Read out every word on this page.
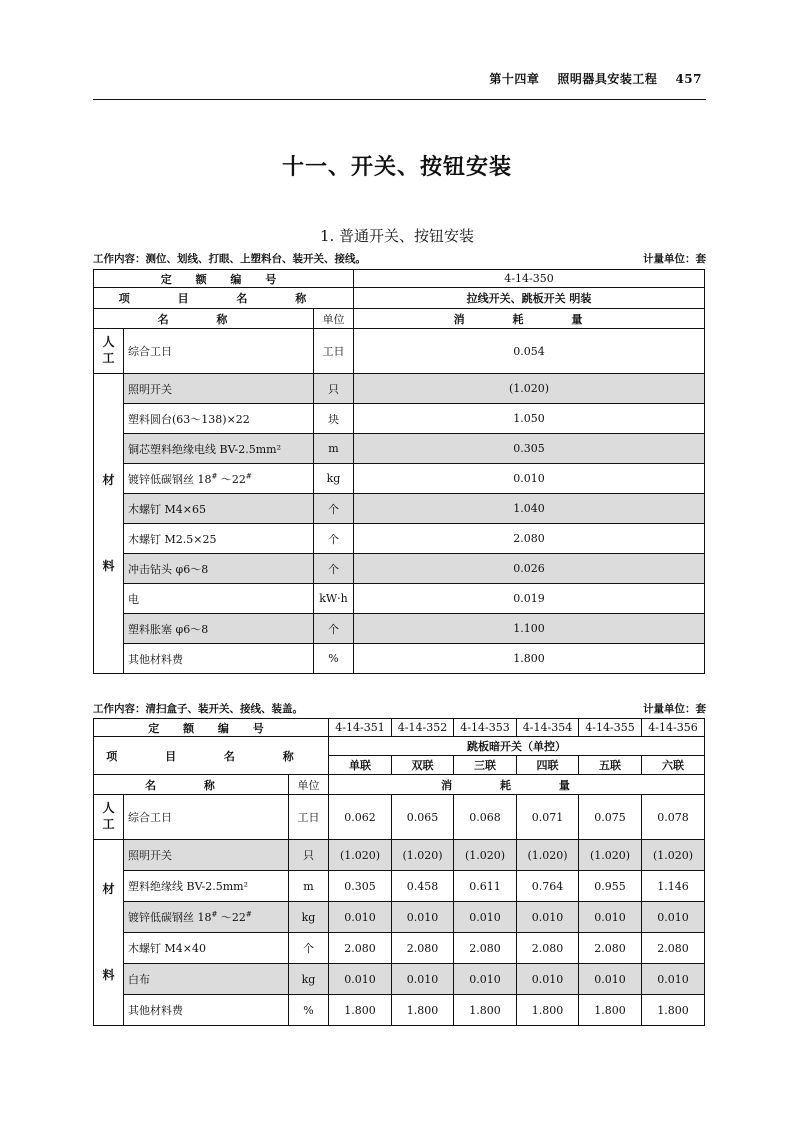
第十四章 照明器具安装工程 457
十一、开关、按钮安装
1. 普通开关、按钮安装
工作内容：测位、划线、打眼、上塑料台、装开关、接线。	计量单位：套
定 额 编 号			4-14-350
项 目 名 称			拉线开关、跳板开关 明装
名 称		单位	消 耗 量

人
工	综合工日	工日	0.054

材
料	照明开关	只	(1.020)
	塑料圆台(63～138)×22	块	1.050
	铜芯塑料绝缘电线 BV-2.5mm²	m	0.305
	镀锌低碳钢丝 18# ～22#	kg	0.010
	木螺钉 M4×65	个	1.040
	木螺钉 M2.5×25	个	2.080
	冲击钻头 φ6～8	个	0.026
	电	kW·h	0.019
	塑料胀塞 φ6～8	个	1.100
	其他材料费	%	1.800
工作内容：清扫盒子、装开关、接线、装盖。	计量单位：套
定 额 编 号			4-14-351	4-14-352	4-14-353	4-14-354	4-14-355	4-14-356
项 目 名 称			跳板暗开关（单控）					
			单联	双联	三联	四联	五联	六联
名 称		单位	消 耗 量					

人
工	综合工日	工日	0.062	0.065	0.068	0.071	0.075	0.078

材
料	照明开关	只	(1.020)	(1.020)	(1.020)	(1.020)	(1.020)	(1.020)
	塑料绝缘线 BV-2.5mm²	m	0.305	0.458	0.611	0.764	0.955	1.146
	镀锌低碳钢丝 18# ～22#	kg	0.010	0.010	0.010	0.010	0.010	0.010
	木螺钉 M4×40	个	2.080	2.080	2.080	2.080	2.080	2.080
	白布	kg	0.010	0.010	0.010	0.010	0.010	0.010
	其他材料费	%	1.800	1.800	1.800	1.800	1.800	1.800
